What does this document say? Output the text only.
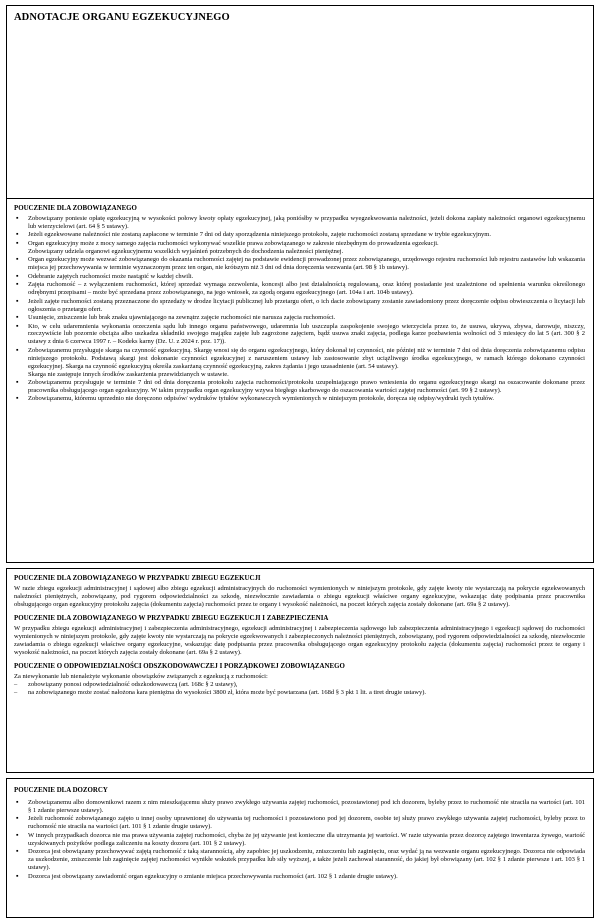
ADNOTACJE ORGANU EGZEKUCYJNEGO
POUCZENIE DLA ZOBOWIĄZANEGO
▪ Zobowiązany poniesie opłatę egzekucyjną w wysokości połowy kwoty opłaty egzekucyjnej, jaką poniósłby w przypadku wyegzekwowania należności, jeżeli dokona zapłaty należności organowi egzekucyjnemu lub wierzycielowi (art. 64 § 5 ustawy).
▪ Jeżeli egzekwowane należności nie zostaną zapłacone w terminie 7 dni od daty sporządzenia niniejszego protokołu, zajęte ruchomości zostaną sprzedane w trybie egzekucyjnym.
▪ Organ egzekucyjny może z mocy samego zajęcia ruchomości wykonywać wszelkie prawa zobowiązanego w zakresie niezbędnym do prowadzenia egzekucji.
Zobowiązany udziela organowi egzekucyjnemu wszelkich wyjaśnień potrzebnych do dochodzenia należności pieniężnej.
▪ Organ egzekucyjny może wezwać zobowiązanego do okazania ruchomości zajętej na podstawie ewidencji prowadzonej przez zobowiązanego, urzędowego rejestru ruchomości lub rejestru zastawów lub wskazania miejsca jej przechowywania w terminie wyznaczonym przez ten organ, nie krótszym niż 3 dni od dnia doręczenia wezwania (art. 98 § 1b ustawy).
▪ Odebranie zajętych ruchomości może nastąpić w każdej chwili.
▪ Zajęta ruchomość – z wyłączeniem ruchomości, której sprzedaż wymaga zezwolenia, koncesji albo jest działalnością regulowaną, oraz której posiadanie jest uzależnione od spełnienia warunku określonego odrębnymi przepisami – może być sprzedana przez zobowiązanego, na jego wniosek, za zgodą organu egzekucyjnego (art. 104a i art. 104b ustawy).
▪ Jeżeli zajęte ruchomości zostaną przeznaczone do sprzedaży w drodze licytacji publicznej lub przetargu ofert, o ich dacie zobowiązany zostanie zawiadomiony przez doręczenie odpisu obwieszczenia o licytacji lub ogłoszenia o przetargu ofert.
▪ Usunięcie, zniszczenie lub brak znaku ujawniającego na zewnątrz zajęcie ruchomości nie narusza zajęcia ruchomości.
▪ Kto, w celu udaremnienia wykonania orzeczenia sądu lub innego organu państwowego, udaremnia lub uszczupla zaspokojenie swojego wierzyciela przez to, że usuwa, ukrywa, zbywa, darowuje, niszczy, rzeczywiście lub pozornie obciąża albo uszkadza składniki swojego majątku zajęte lub zagrożone zajęciem, bądź usuwa znaki zajęcia, podlega karze pozbawienia wolności od 3 miesięcy do lat 5 (art. 300 § 2 ustawy z dnia 6 czerwca 1997 r. – Kodeks karny (Dz. U. z 2024 r. poz. 17)).
▪ Zobowiązanemu przysługuje skarga na czynność egzekucyjną. Skargę wnosi się do organu egzekucyjnego, który dokonał tej czynności, nie później niż w terminie 7 dni od dnia doręczenia zobowiązanemu odpisu niniejszego protokołu. Podstawą skargi jest dokonanie czynności egzekucyjnej z naruszeniem ustawy lub zastosowanie zbyt uciążliwego środka egzekucyjnego, w ramach którego dokonano czynności egzekucyjnej. Skarga na czynność egzekucyjną określa zaskarżaną czynność egzekucyjną, zakres żądania i jego uzasadnienie (art. 54 ustawy).
Skarga nie zastępuje innych środków zaskarżenia przewidzianych w ustawie.
▪ Zobowiązanemu przysługuje w terminie 7 dni od dnia doręczenia protokołu zajęcia ruchomości/protokołu uzupełniającego prawo wniesienia do organu egzekucyjnego skargi na oszacowanie dokonane przez pracownika obsługującego organ egzekucyjny. W takim przypadku organ egzekucyjny wzywa biegłego skarbowego do oszacowania wartości zajętej ruchomości (art. 99 § 2 ustawy).
▪ Zobowiązanemu, któremu uprzednio nie doręczono odpisów/ wydruków tytułów wykonawczych wymienionych w niniejszym protokole, doręcza się odpisy/wydruki tych tytułów.
POUCZENIE DLA ZOBOWIĄZANEGO W PRZYPADKU ZBIEGU EGZEKUCJI

W razie zbiegu egzekucji administracyjnej i sądowej albo zbiegu egzekucji administracyjnych do ruchomości wymienionych w niniejszym protokole, gdy zajęte kwoty nie wystarczają na pokrycie egzekwowanych należności pieniężnych, zobowiązany, pod rygorem odpowiedzialności za szkodę, niezwłocznie zawiadamia o zbiegu egzekucji właściwe organy egzekucyjne, wskazując datę podpisania przez pracownika obsługującego organ egzekucyjny protokołu zajęcia (dokumentu zajęcia) ruchomości przez te organy i wysokość należności, na poczet których zajęcia zostały dokonane (art. 69a § 2 ustawy).

POUCZENIE DLA ZOBOWIĄZANEGO W PRZYPADKU ZBIEGU EGZEKUCJI I ZABEZPIECZENIA

W przypadku zbiegu egzekucji administracyjnej i zabezpieczenia administracyjnego, egzekucji administracyjnej i zabezpieczenia sądowego lub zabezpieczenia administracyjnego i egzekucji sądowej do ruchomości wymienionych w niniejszym protokole, gdy zajęte kwoty nie wystarczają na pokrycie egzekwowanych i zabezpieczonych należności pieniężnych, zobowiązany, pod rygorem odpowiedzialności za szkodę, niezwłocznie zawiadamia o zbiegu egzekucji właściwe organy egzekucyjne, wskazując datę podpisania przez pracownika obsługującego organ egzekucyjny protokołu zajęcia (dokumentu zajęcia) ruchomości przez te organy i wysokość należności, na poczet których zajęcia zostały dokonane (art. 69a § 2 ustawy).

POUCZENIE O ODPOWIEDZIALNOŚCI ODSZKODOWAWCZEJ I PORZĄDKOWEJ ZOBOWIĄZANEGO

Za niewykonanie lub nienależyte wykonanie obowiązków związanych z egzekucją z ruchomości:

– zobowiązany ponosi odpowiedzialność odszkodowawczą (art. 168c § 2 ustawy),
– na zobowiązanego może zostać nałożona kara pieniężna do wysokości 3800 zł, która może być powtarzana (art. 168d § 3 pkt 1 lit. a tiret drugie ustawy).
POUCZENIE DLA DOZORCY
▪ Zobowiązanemu albo domownikowi razem z nim mieszkającemu służy prawo zwykłego używania zajętej ruchomości, pozostawionej pod ich dozorem, byleby przez to ruchomość nie straciła na wartości (art. 101 § 1 zdanie pierwsze ustawy).
▪ Jeżeli ruchomość zobowiązanego zajęto u innej osoby uprawnionej do używania tej ruchomości i pozostawiono pod jej dozorem, osobie tej służy prawo zwykłego używania zajętej ruchomości, byleby przez to ruchomość nie straciła na wartości (art. 101 § 1 zdanie drugie ustawy).
▪ W innych przypadkach dozorca nie ma prawa używania zajętej ruchomości, chyba że jej używanie jest konieczne dla utrzymania jej wartości. W razie używania przez dozorcę zajętego inwentarza żywego, wartość uzyskiwanych pożytków podlega zaliczeniu na koszty dozoru (art. 101 § 2 ustawy).
▪ Dozorca jest obowiązany przechowywać zajętą ruchomość z taką starannością, aby zapobiec jej uszkodzeniu, zniszczeniu lub zaginięciu, oraz wydać ją na wezwanie organu egzekucyjnego. Dozorca nie odpowiada za uszkodzenie, zniszczenie lub zaginięcie zajętej ruchomości wynikłe wskutek przypadku lub siły wyższej, a także jeżeli zachował staranność, do jakiej był obowiązany (art. 102 § 1 zdanie pierwsze i art. 103 § 1 ustawy).
▪ Dozorca jest obowiązany zawiadomić organ egzekucyjny o zmianie miejsca przechowywania ruchomości (art. 102 § 1 zdanie drugie ustawy).
